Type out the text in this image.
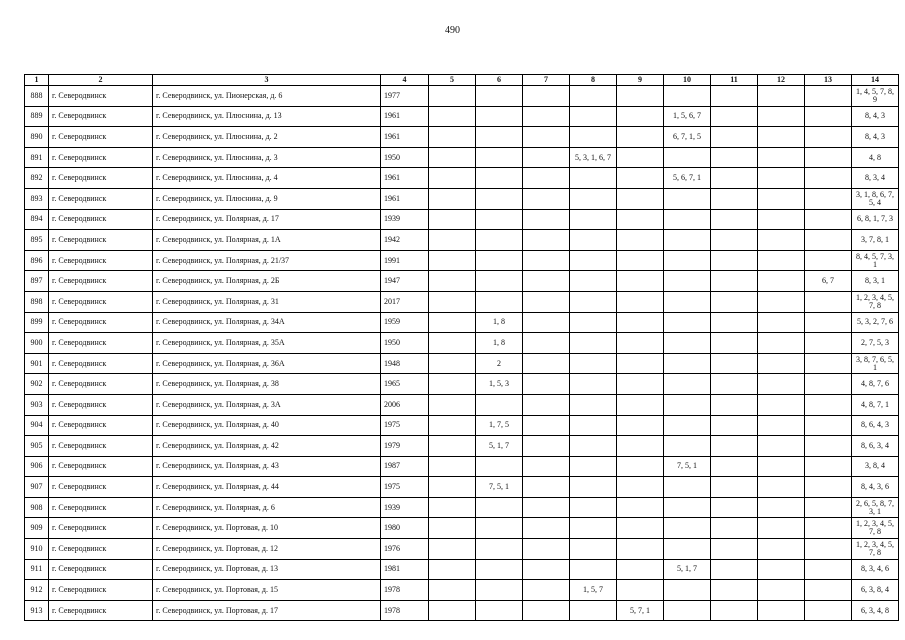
490
1	2	3	4	5	6	7	8	9	10	11	12	13	14
888	г. Северодвинск	г. Северодвинск, ул. Пионерская, д. 6	1977										1, 4, 5, 7, 8, 9
889	г. Северодвинск	г. Северодвинск, ул. Плюснина, д. 13	1961						1, 5, 6, 7				8, 4, 3
890	г. Северодвинск	г. Северодвинск, ул. Плюснина, д. 2	1961						6, 7, 1, 5				8, 4, 3
891	г. Северодвинск	г. Северодвинск, ул. Плюснина, д. 3	1950				5, 3, 1, 6, 7						4, 8
892	г. Северодвинск	г. Северодвинск, ул. Плюснина, д. 4	1961						5, 6, 7, 1				8, 3, 4
893	г. Северодвинск	г. Северодвинск, ул. Плюснина, д. 9	1961										3, 1, 8, 6, 7, 5, 4
894	г. Северодвинск	г. Северодвинск, ул. Полярная, д. 17	1939										6, 8, 1, 7, 3
895	г. Северодвинск	г. Северодвинск, ул. Полярная, д. 1А	1942										3, 7, 8, 1
896	г. Северодвинск	г. Северодвинск, ул. Полярная, д. 21/37	1991										8, 4, 5, 7, 3, 1
897	г. Северодвинск	г. Северодвинск, ул. Полярная, д. 2Б	1947									6, 7	8, 3, 1
898	г. Северодвинск	г. Северодвинск, ул. Полярная, д. 31	2017										1, 2, 3, 4, 5, 7, 8
899	г. Северодвинск	г. Северодвинск, ул. Полярная, д. 34А	1959		1, 8								5, 3, 2, 7, 6
900	г. Северодвинск	г. Северодвинск, ул. Полярная, д. 35А	1950		1, 8								2, 7, 5, 3
901	г. Северодвинск	г. Северодвинск, ул. Полярная, д. 36А	1948		2								3, 8, 7, 6, 5, 1
902	г. Северодвинск	г. Северодвинск, ул. Полярная, д. 38	1965		1, 5, 3								4, 8, 7, 6
903	г. Северодвинск	г. Северодвинск, ул. Полярная, д. 3А	2006										4, 8, 7, 1
904	г. Северодвинск	г. Северодвинск, ул. Полярная, д. 40	1975		1, 7, 5								8, 6, 4, 3
905	г. Северодвинск	г. Северодвинск, ул. Полярная, д. 42	1979		5, 1, 7								8, 6, 3, 4
906	г. Северодвинск	г. Северодвинск, ул. Полярная, д. 43	1987						7, 5, 1				3, 8, 4
907	г. Северодвинск	г. Северодвинск, ул. Полярная, д. 44	1975		7, 5, 1								8, 4, 3, 6
908	г. Северодвинск	г. Северодвинск, ул. Полярная, д. 6	1939										2, 6, 5, 8, 7, 3, 1
909	г. Северодвинск	г. Северодвинск, ул. Портовая, д. 10	1980										1, 2, 3, 4, 5, 7, 8
910	г. Северодвинск	г. Северодвинск, ул. Портовая, д. 12	1976										1, 2, 3, 4, 5, 7, 8
911	г. Северодвинск	г. Северодвинск, ул. Портовая, д. 13	1981						5, 1, 7				8, 3, 4, 6
912	г. Северодвинск	г. Северодвинск, ул. Портовая, д. 15	1978				1, 5, 7						6, 3, 8, 4
913	г. Северодвинск	г. Северодвинск, ул. Портовая, д. 17	1978					5, 7, 1					6, 3, 4, 8
